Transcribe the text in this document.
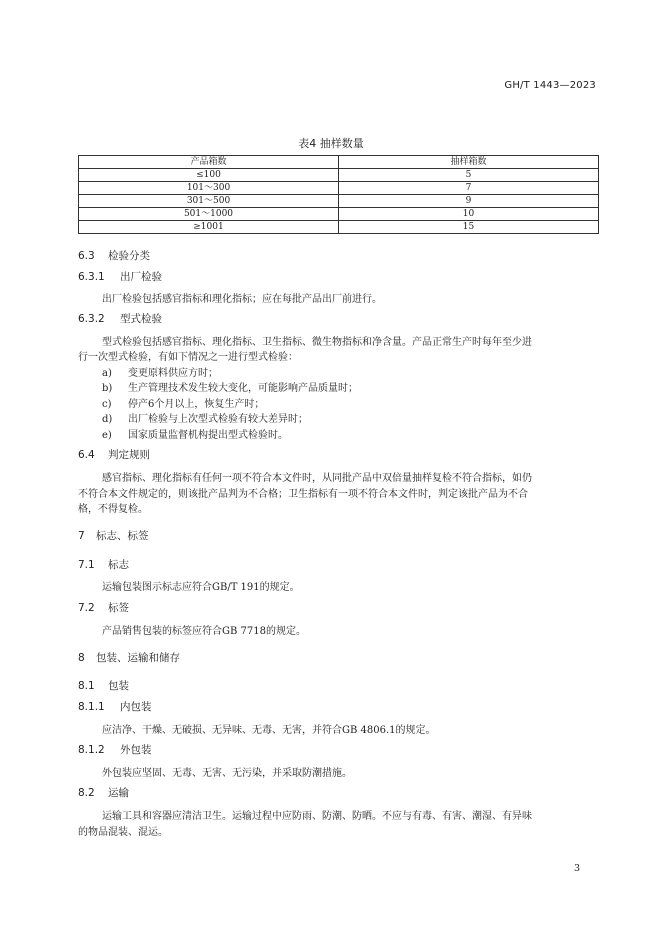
GH/T 1443—2023
表4 抽样数量
产品箱数	抽样箱数
≤100	5
101～300	7
301～500	9
501～1000	10
≥1001	15
6.3 检验分类
6.3.1 出厂检验
出厂检验包括感官指标和理化指标；应在每批产品出厂前进行。
6.3.2 型式检验
型式检验包括感官指标、理化指标、卫生指标、微生物指标和净含量。产品正常生产时每年至少进
行一次型式检验，有如下情况之一进行型式检验：
a) 变更原料供应方时；
b) 生产管理技术发生较大变化，可能影响产品质量时；
c) 停产6个月以上，恢复生产时；
d) 出厂检验与上次型式检验有较大差异时；
e) 国家质量监督机构提出型式检验时。
6.4 判定规则
感官指标、理化指标有任何一项不符合本文件时，从同批产品中双倍量抽样复检不符合指标，如仍
不符合本文件规定的，则该批产品判为不合格；卫生指标有一项不符合本文件时，判定该批产品为不合
格，不得复检。
7 标志、标签
7.1 标志
运输包装图示标志应符合GB/T 191的规定。
7.2 标签
产品销售包装的标签应符合GB 7718的规定。
8 包装、运输和储存
8.1 包装
8.1.1 内包装
应洁净、干燥、无破损、无异味、无毒、无害，并符合GB 4806.1的规定。
8.1.2 外包装
外包装应坚固、无毒、无害、无污染，并采取防潮措施。
8.2 运输
运输工具和容器应清洁卫生。运输过程中应防雨、防潮、防晒。不应与有毒、有害、潮湿、有异味
的物品混装、混运。
3
